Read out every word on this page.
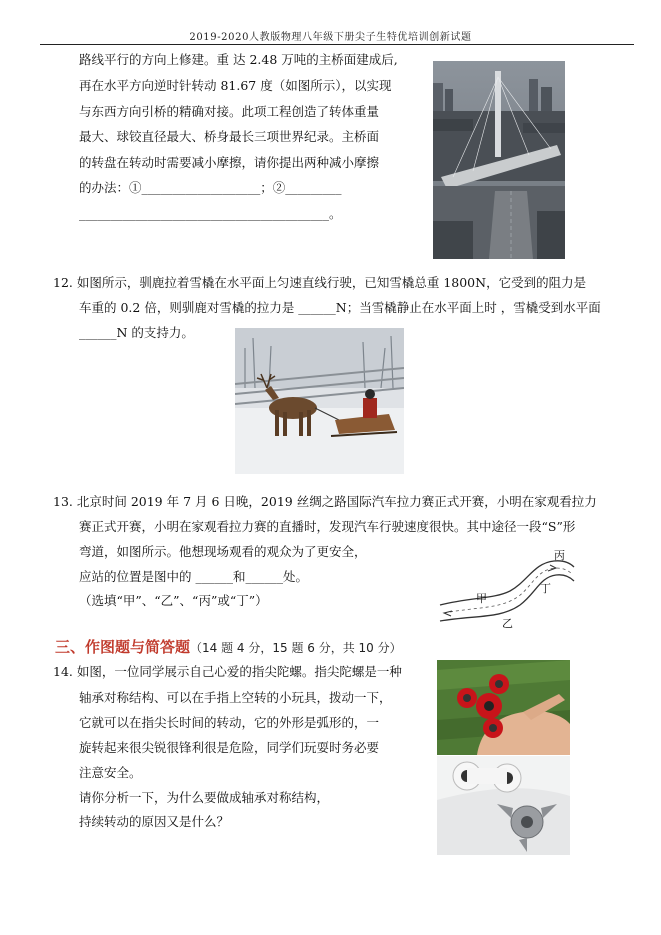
2019-2020人教版物理八年级下册尖子生特优培训创新试题
路线平行的方向上修建。重 达 2.48 万吨的主桥面建成后,
再在水平方向逆时针转动 81.67 度（如图所示），以实现
与东西方向引桥的精确对接。此项工程创造了转体重量
最大、球铰直径最大、桥身最长三项世界纪录。主桥面
的转盘在转动时需要减小摩擦，请你提出两种减小摩擦
的办法：①___________________；②_________
________________________________________。
12. 如图所示，驯鹿拉着雪橇在水平面上匀速直线行驶，已知雪橇总重 1800N，它受到的阻力是
车重的 0.2 倍，则驯鹿对雪橇的拉力是 ______N；当雪橇静止在水平面上时 ，雪橇受到水平面
______N 的支持力。
13. 北京时间 2019 年 7 月 6 日晚，2019 丝绸之路国际汽车拉力赛正式开赛，小明在家观看拉力
赛正式开赛，小明在家观看拉力赛的直播时，发现汽车行驶速度很快。其中途径一段“S”形
弯道，如图所示。他想现场观看的观众为了更安全，
应站的位置是图中的 ______和______处。
（选填“甲”、“乙”、“丙”或“丁”）
丙
甲
丁
乙
三、作图题与简答题（14 题 4 分，15 题 6 分，共 10 分）
14. 如图，一位同学展示自己心爱的指尖陀螺。指尖陀螺是一种
轴承对称结构、可以在手指上空转的小玩具，拨动一下，
它就可以在指尖长时间的转动，它的外形是弧形的，一
旋转起来很尖锐很锋利很是危险，同学们玩耍时务必要
注意安全。
请你分析一下，为什么要做成轴承对称结构，
持续转动的原因又是什么？
